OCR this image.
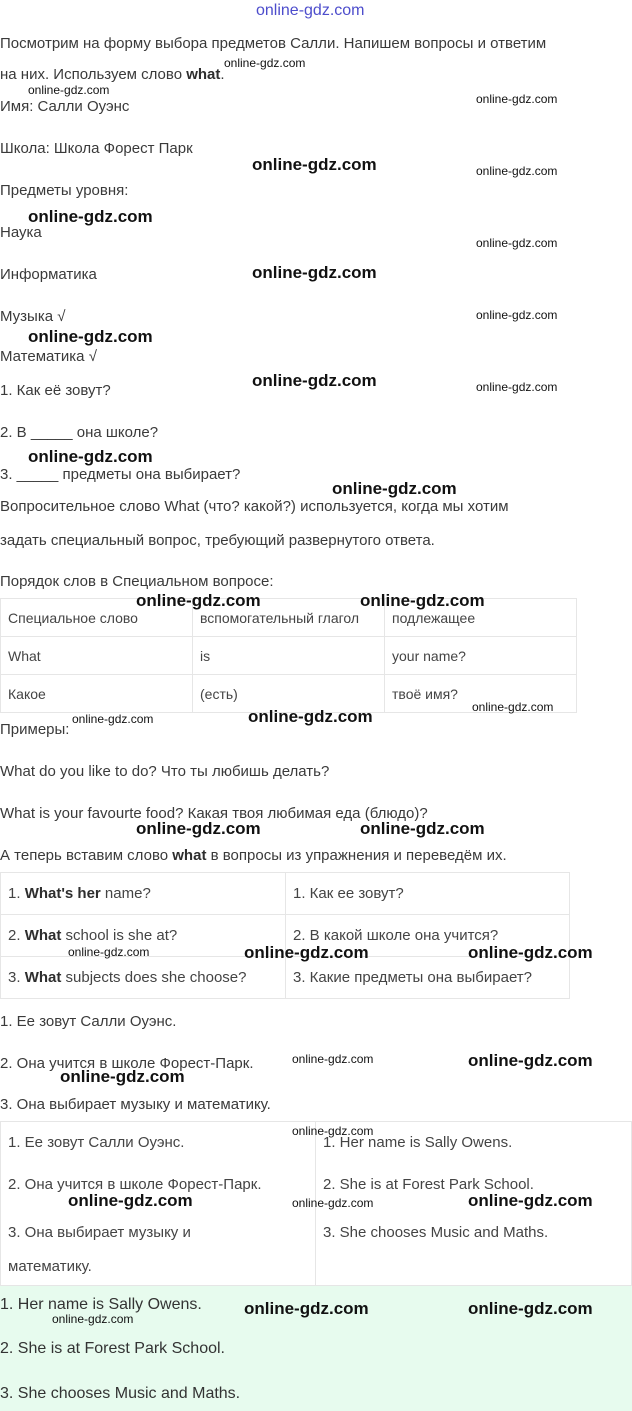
online-gdz.com
Посмотрим на форму выбора предметов Салли. Напишем вопросы и ответим
на них. Используем слово what.
Имя: Салли Оуэнс
Школа: Школа Форест Парк
Предметы уровня:
Наука
Информатика
Музыка √
Математика √
1. Как её зовут?
2. В _____ она школе?
3. _____ предметы она выбирает?
Вопросительное слово What (что? какой?) используется, когда мы хотим
задать специальный вопрос, требующий развернутого ответа.
Порядок слов в Специальном вопросе:
Специальное слово	вспомогательный глагол	подлежащее
What	is	your name?
Какое	(есть)	твоё имя?
Примеры:
What do you like to do? Что ты любишь делать?
What is your favourte food? Какая твоя любимая еда (блюдо)?
А теперь вставим слово what в вопросы из упражнения и переведём их.
1. What's her name?	1. Как ее зовут?
2. What school is she at?	2. В какой школе она учится?
3. What subjects does she choose?	3. Какие предметы она выбирает?
1. Ее зовут Салли Оуэнс.
2. Она учится в школе Форест-Парк.
3. Она выбирает музыку и математику.
1. Ее зовут Салли Оуэнс.	1. Her name is Sally Owens.
2. Она учится в школе Форест-Парк.	2. She is at Forest Park School.

3. Она выбирает музыку и
математику.	3. She chooses Music and Maths.
1. Her name is Sally Owens.
2. She is at Forest Park School.
3. She chooses Music and Maths.
online-gdz.com
online-gdz.com
online-gdz.com
online-gdz.com	online-gdz.com
online-gdz.com
online-gdz.com
online-gdz.com
online-gdz.com
online-gdz.com
online-gdz.com	online-gdz.com
online-gdz.com
online-gdz.com
online-gdz.com	online-gdz.com
online-gdz.com
online-gdz.com	online-gdz.com
online-gdz.com	online-gdz.com
online-gdz.com	online-gdz.com	online-gdz.com
online-gdz.com	online-gdz.com
online-gdz.com
online-gdz.com
online-gdz.com
online-gdz.com	online-gdz.com
online-gdz.com	online-gdz.com
online-gdz.com
